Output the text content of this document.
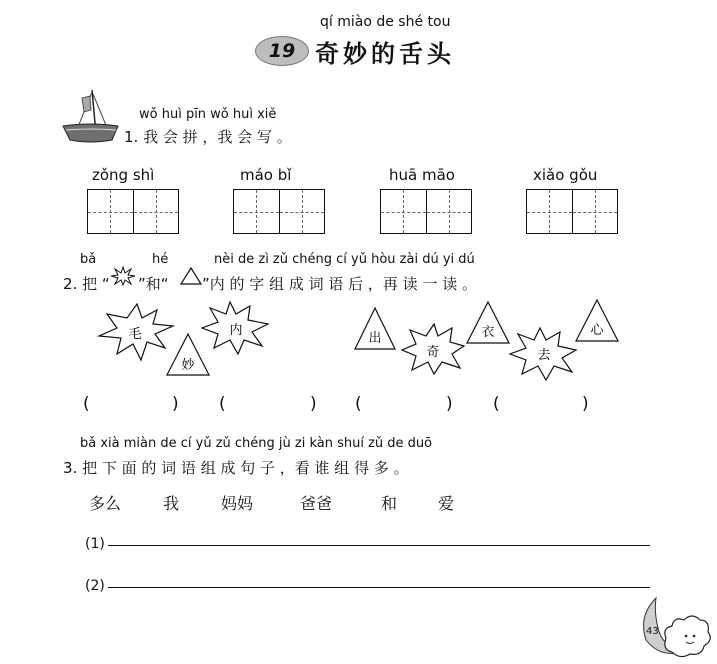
qí miào de shé tou
19 奇妙的舌头
wǒ huì pīn wǒ huì xiě
1. 我 会 拼 ，我 会 写 。
zǒng shì	máo bǐ	huā māo	xiǎo gǒu
bǎ	hé	nèi de zì zǔ chéng cí yǔ hòu zài dú yi dú
2. 把 “ ”和“ ”内 的 字 组 成 词 语 后 ，再 读 一 读 。
毛	内
妙
出
奇
衣
去
心
(	) (	) (	) (	)
bǎ xià miàn de cí yǔ zǔ chéng jù zi kàn shuí zǔ de duō
3. 把 下 面 的 词 语 组 成 句 子 ，看 谁 组 得 多 。
多么	我	妈妈	爸爸	和	爱
(1)
(2)
43
